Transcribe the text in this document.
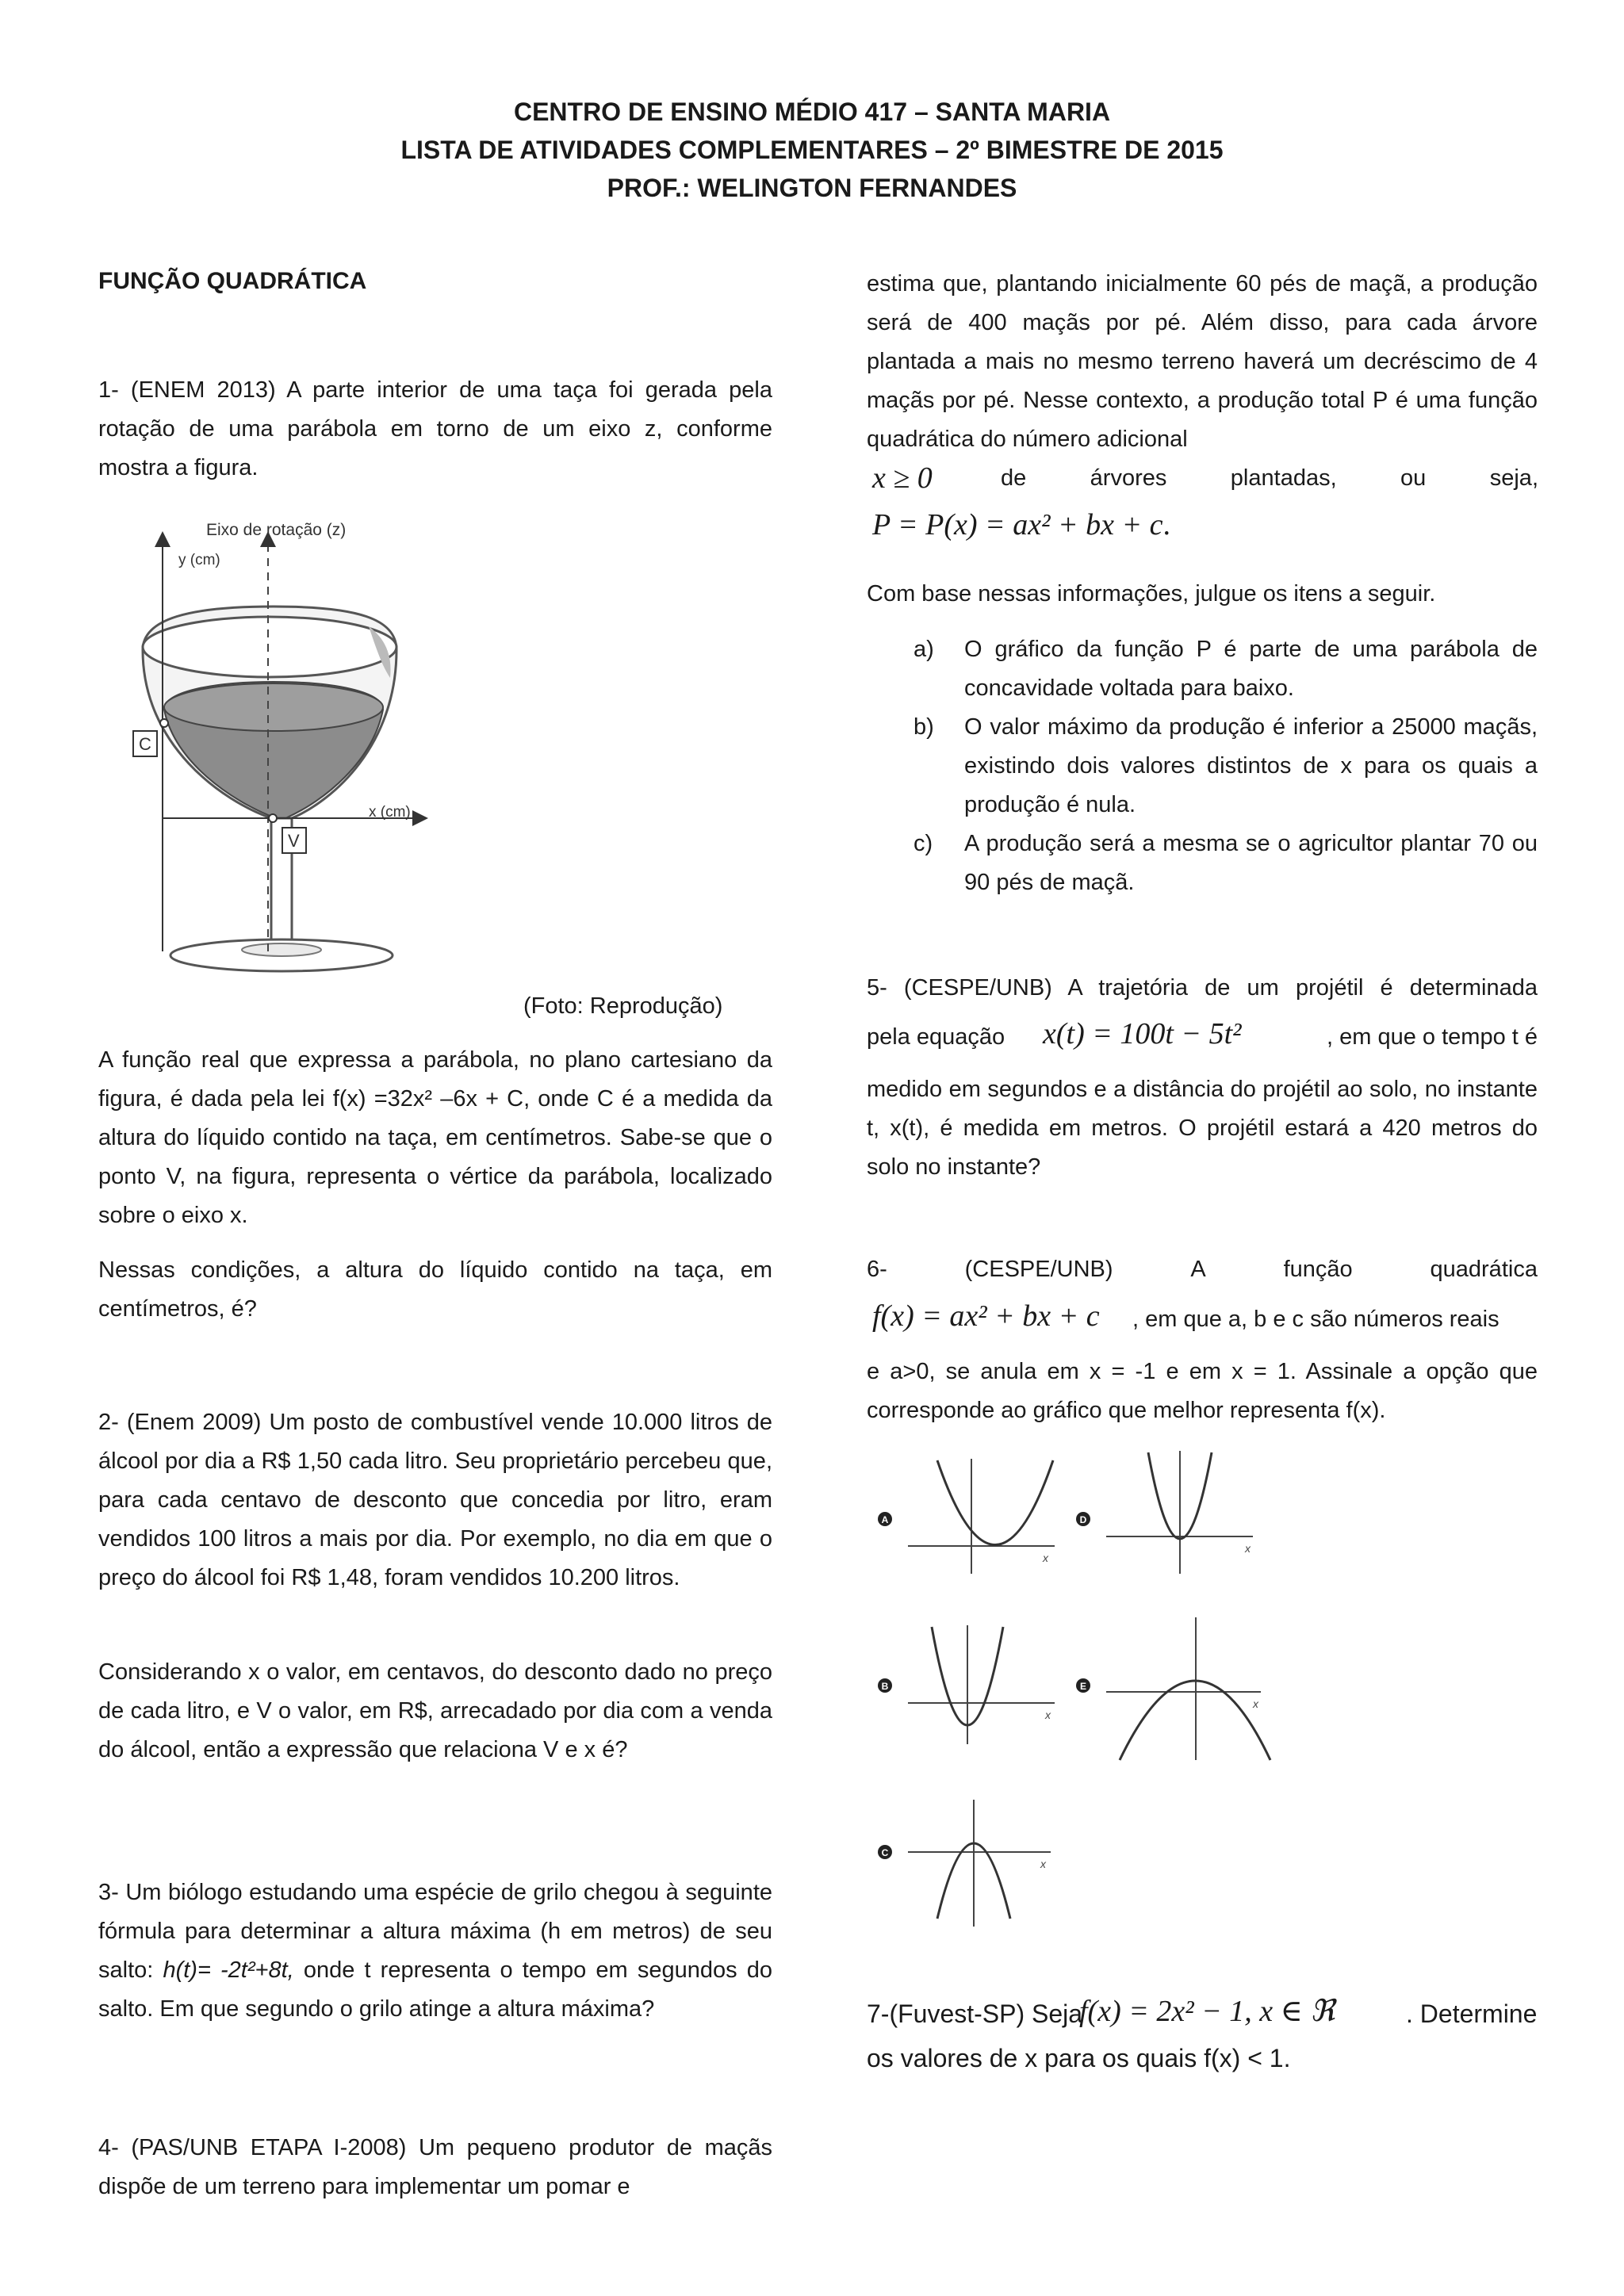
CENTRO DE ENSINO MÉDIO 417 – SANTA MARIA
LISTA DE ATIVIDADES COMPLEMENTARES – 2º BIMESTRE DE 2015
PROF.: WELINGTON FERNANDES
FUNÇÃO QUADRÁTICA
1- (ENEM 2013) A parte interior de uma taça foi gerada pela rotação de uma parábola em torno de um eixo z, conforme mostra a figura.
Eixo de rotação (z)
y (cm)
x (cm)
C
V
(Foto: Reprodução)
A função real que expressa a parábola, no plano cartesiano da figura, é dada pela lei f(x) =32x² –6x + C, onde C é a medida da altura do líquido contido na taça, em centímetros. Sabe-se que o ponto V, na figura, representa o vértice da parábola, localizado sobre o eixo x.
Nessas condições, a altura do líquido contido na taça, em centímetros, é?
2- (Enem 2009) Um posto de combustível vende 10.000 litros de álcool por dia a R$ 1,50 cada litro. Seu proprietário percebeu que, para cada centavo de desconto que concedia por litro, eram vendidos 100 litros a mais por dia. Por exemplo, no dia em que o preço do álcool foi R$ 1,48, foram vendidos 10.200 litros.
Considerando x o valor, em centavos, do desconto dado no preço de cada litro, e V o valor, em R$, arrecadado por dia com a venda do álcool, então a expressão que relaciona V e x é?
3- Um biólogo estudando uma espécie de grilo chegou à seguinte fórmula para determinar a altura máxima (h em metros) de seu salto: h(t)= -2t²+8t, onde t representa o tempo em segundos do salto. Em que segundo o grilo atinge a altura máxima?
4- (PAS/UNB ETAPA I-2008) Um pequeno produtor de maçãs dispõe de um terreno para implementar um pomar e
estima que, plantando inicialmente 60 pés de maçã, a produção será de 400 maçãs por pé. Além disso, para cada árvore plantada a mais no mesmo terreno haverá um decréscimo de 4 maçãs por pé. Nesse contexto, a produção total P é uma função quadrática do número adicional
x ≥ 0	de árvores plantadas, ou seja,
P = P(x) = ax² + bx + c.
Com base nessas informações, julgue os itens a seguir.
a) O gráfico da função P é parte de uma parábola de concavidade voltada para baixo.
b) O valor máximo da produção é inferior a 25000 maçãs, existindo dois valores distintos de x para os quais a produção é nula.
c) A produção será a mesma se o agricultor plantar 70 ou 90 pés de maçã.
5- (CESPE/UNB) A trajetória de um projétil é determinada
pela equação x(t) = 100t − 5t²	, em que o tempo t é
medido em segundos e a distância do projétil ao solo, no instante t, x(t), é medida em metros. O projétil estará a 420 metros do solo no instante?
6-	(CESPE/UNB)	A	função	quadrática
f(x) = ax² + bx + c , em que a, b e c são números reais
e a>0, se anula em x = -1 e em x = 1. Assinale a opção que corresponde ao gráfico que melhor representa f(x).
A
x
D
x
B
x
E
x
C
x
7-(Fuvest-SP) Seja
f(x) = 2x² − 1, x ∈ ℜ	. Determine
os valores de x para os quais f(x) < 1.
